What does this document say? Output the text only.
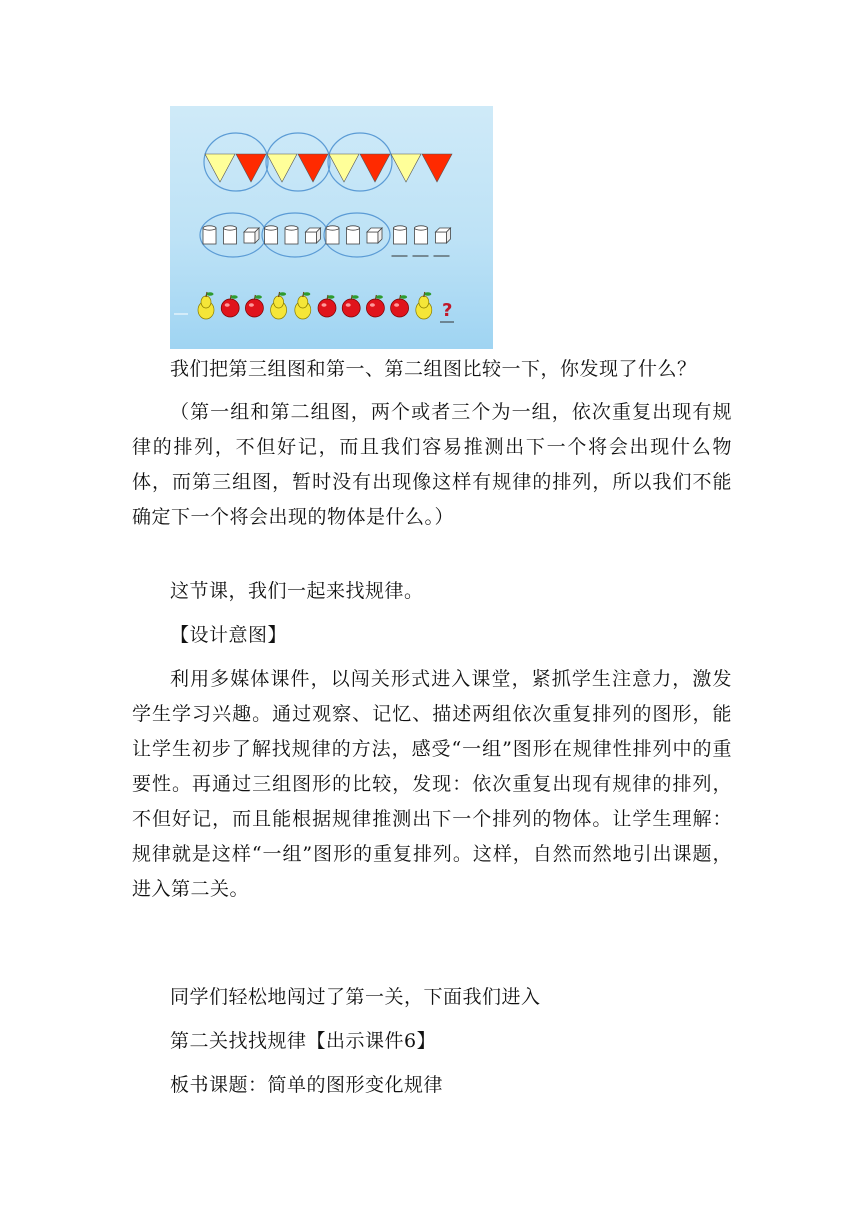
?

我们把第三组图和第一、第二组图比较一下，你发现了什么？

（第一组和第二组图，两个或者三个为一组，依次重复出现有规律的排列，不但好记，而且我们容易推测出下一个将会出现什么物体，而第三组图，暂时没有出现像这样有规律的排列，所以我们不能确定下一个将会出现的物体是什么。）

这节课，我们一起来找规律。

【设计意图】

利用多媒体课件，以闯关形式进入课堂，紧抓学生注意力，激发学生学习兴趣。通过观察、记忆、描述两组依次重复排列的图形，能让学生初步了解找规律的方法，感受“一组”图形在规律性排列中的重要性。再通过三组图形的比较，发现：依次重复出现有规律的排列，不但好记，而且能根据规律推测出下一个排列的物体。让学生理解：规律就是这样“一组”图形的重复排列。这样，自然而然地引出课题，进入第二关。

同学们轻松地闯过了第一关，下面我们进入

第二关找找规律【出示课件6】

板书课题：简单的图形变化规律
